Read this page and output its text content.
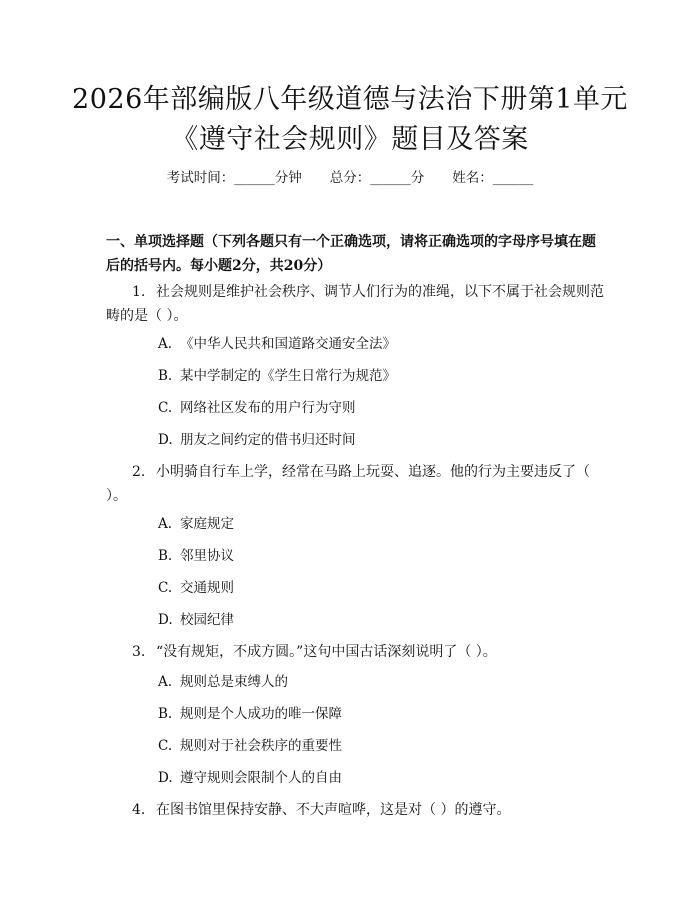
2026年部编版八年级道德与法治下册第1单元《遵守社会规则》题目及答案
考试时间：______分钟 总分：______分 姓名：______
一、单项选择题（下列各题只有一个正确选项，请将正确选项的字母序号填在题后的括号内。每小题2分，共20分）
1. 社会规则是维护社会秩序、调节人们行为的准绳，以下不属于社会规则范畴的是（ ）。
A. 《中华人民共和国道路交通安全法》
B. 某中学制定的《学生日常行为规范》
C. 网络社区发布的用户行为守则
D. 朋友之间约定的借书归还时间
2. 小明骑自行车上学，经常在马路上玩耍、追逐。他的行为主要违反了（ ）。
A. 家庭规定
B. 邻里协议
C. 交通规则
D. 校园纪律
3. “没有规矩，不成方圆。”这句中国古话深刻说明了（ ）。
A. 规则总是束缚人的
B. 规则是个人成功的唯一保障
C. 规则对于社会秩序的重要性
D. 遵守规则会限制个人的自由
4. 在图书馆里保持安静、不大声喧哗，这是对（ ）的遵守。
